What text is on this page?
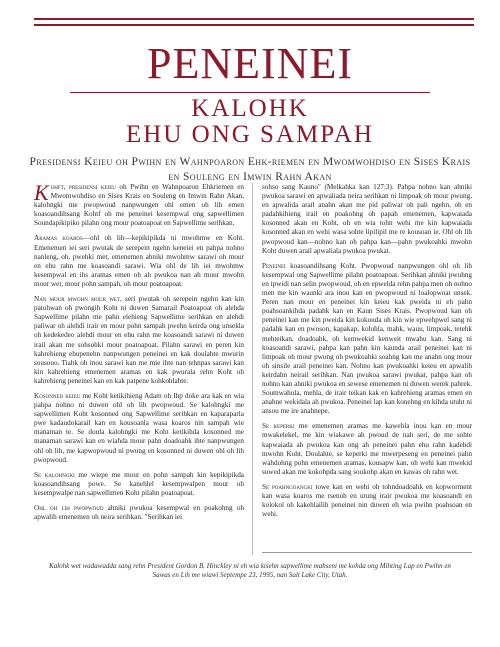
PENEINEI
KALOHK
EHU ONG SAMPAH
Presidensi Keieu oh Pwihn en Wahnpoaron Ehk-riemen en Mwomwohdiso en Sises Krais en Souleng en Imwin Rahn Akan

Kohft, presidensi keieu oh Pwihn en Wahnpoaron Ehkriemen en Mwomwohdiso en Sises Krais en Souleng en Imwin Rahn Akan, kalohngki me pwopwoud nanpwungen ohl emen oh lih emen koasoandihsang Kohtf oh me peneinei kesempwal ong sapwellimen Soundapikipiko pilahn ong mour poatoapoat en Sapwellime serihkan.

Aramas koaros—ohl oh lih—kepikipikda ni mwohmw en Koht. Emenemen iei seri pwutak de serepein ngehn keneiei en pahpa nohno nanleng, oh, pwehki met, emenemen ahniki mwohmw sarawi oh mour en ehu rahn me koasoandi sarawi. Wia ohl de lih iei mwohmw kesempwal en ihs aramas emen oh ah pwukoa nan ah mour mwohn mour wet, mour pohn sampah, oh mour poatoapoat.

Nan mour mwohn mour wet, seri pwutak oh serepein ngehn kan kin patohwan oh pwongih Koht ni duwen Samarail Poatoapoat oh alehda Sapwellime pilahn me pahn elehieng Sapwellime serihkan en alehdi paliwar oh alehdi irair en mour pohn sampah pwehn keirda ong unsekla oh kedekedeo alehdi mour en ehu rahn me koasoandi sarawi ni duwen irail akan me sohsohki mour poatoapoat. Pilahn sarawi en peren kin kahrehieng ehupenehn nanpwungen peneinei en kak doulahte mwurin sousouo. Tiahk oh inou sarawi kan me mie ihte nan tehnpas sarawi kan kin kahrehieng emenemen aramas en kak pwurala rehn Koht oh kahrehieng peneinei kan en kak patpene kohkohlahte.

Kosonned keieu me Koht ketikihieng Adam oh Ihp doke ara kak en wia pahpa nohno ni duwen ohl oh lih pwopwoud. Se kalohngki me sapwellimen Koht kosonned ong Sapwellime serihkan en kaparaparla pwe kadaudokarail kan en kousoanla wasa koaros nin sampah wie manaman te. Se doula kalohngki me Koht ketikihda kosonned me manaman sarawi kan en wiahda mour pahn doadoahk ihte nanpwungen ohl oh lih, me kapwopwoud ni pwung en kosonned ni duwen ohl oh lih pwopwoud.

Se kalohngki me wiepe me mour en pohn sampah kin kepikipikda koasoandihsang powe. Se kanehlel kesempwalpen mour oh kesempwalpe nan sapwellimen Koht pilahn poatoapoat.

Ohl oh lih pwopwoud ahniki pwukoa kesempwal en poakohng oh apwalih emenemen oh neira serihkan. "Serihkan iei

sohso sang Kauno" (Melkahka kan 127:3). Pahpa nohno kan ahniki pwukoa sarawi en apwaliada neira serihkan ni limpoak oh mour pwung, en apwalida arail anahn akan me pid paliwar oh pali ngehn, oh en padahkihieng irail en poakohng oh papah emenemen, kapwaiada kosonned akan en Koht, oh en wia tohn wehi me kin kapwaiada kosonned akan en wehi wasa sohte lipilipil me re kousoan ie. Ohl oh lih pwopwoud kan—nohno kan oh pahpa kan—pahn pwukoahki mwohn Koht duwen arail apwaliala pwukoa pwukat.

Peneinei koasoandihsang Koht. Pwopwoud nanpwungen ohl oh lih kesempwal ong Sapwellime pilahn poatoapoat. Serihkan ahniki pwuhng en ipwidi nan selin pwopwoud, oh en epwelda rehn pahpa men oh nohno men me kin waunki ara inou kan en pwopwoud ni loalopwoat unsek. Peren nan mour en peneinei kin keieu kak pweida ni eh pahn poahsoankihda padahk kan en Kaun Sises Krais. Pwopwoud kan oh peneinei kan me kin pweida kin kokouda oh kin wie epwehpwel sang ni padahk kan en pwoson, kapakap, koluhla, mahk, wauu, limpoak, tetehk mehteikan, doadoahk, oh kemwekid kenweit mwahu kan. Sang ni koasoandi sarawi, pahpa kan pahn kin kaunda arail peneinei kan ni limpoak oh mour pwung oh pwukoahki soahng kan me anahn ong mour oh sinsile arail peneinei kan. Nohno kan pwukoahki keieu en apwalih keirdahn neirail serihkan. Nan pwukoa sarawi pwukat, pahpa kan oh nohno kan ahniki pwukoa en sewese emenemen ni duwen werek pahrek. Soumwahula, mehla, de irair teikan kak en kahrehieng aramas emen en anahne wekidala ah pwukoa. Peneinei lap kan konehng en kihda utuht ni ansou me ire anahnepe.

Se keperki me emenemen aramas me kawehla inou kan en mour mwakelekel, me kin wiakawe ah pwoud de nah seri, de me sohte kapwaiada ah pwukoa kan ong ah peneinei pahn ehu rahn kadehdi mwohn Koht. Doulahte, se keperki me mwerpeseng en peneinei pahn wahdohng pohn emenemen aramas, kousapw kan, oh wehi kan mwekid suwed akan me kokohpda sang soukohp akan en kawas oh rahn wet.

Se poahngoangki towe kan en wehi oh tohndoadoahk en kopworment kan wasa koaros me rsenoh en utung irair pwukoa me koasoandi en kolokol oh kakehlailih peneinei nin duwen eh wia pwihn poahsoan en wehi.

Kalohk wet wadawadda sang rehn President Gordon B. Hinckley ni eh wia kisehn sapwellime mahseni me kohda ong Mihting Lap en Pwihn en Sawas en Lih me wiawi Septempe 23, 1995, nan Salt Lake City, Utah.
